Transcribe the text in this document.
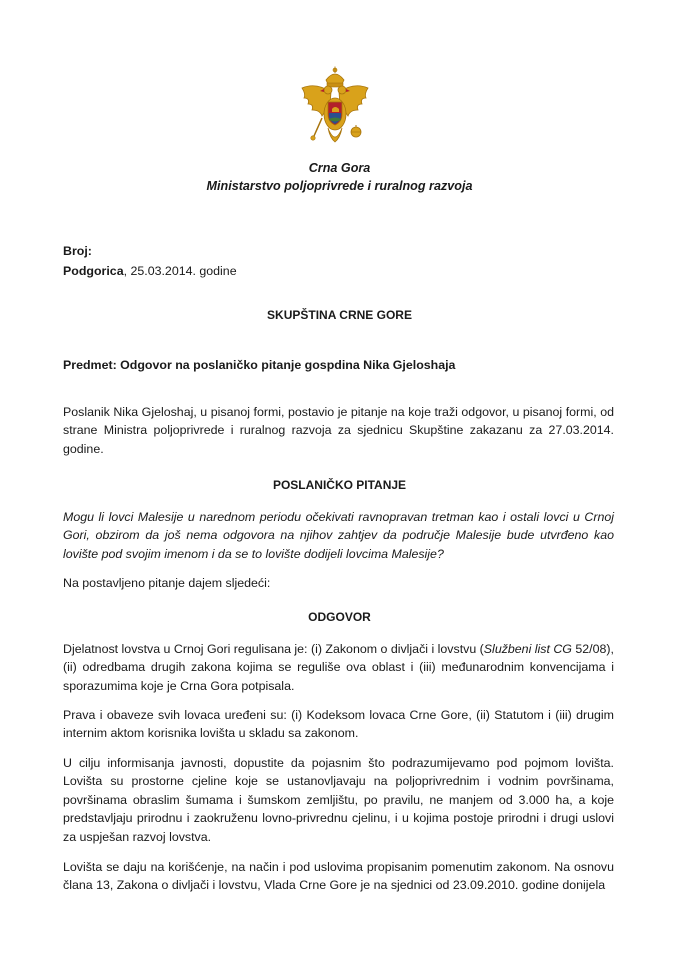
Crna Gora
Ministarstvo poljoprivrede i ruralnog razvoja
Broj:
Podgorica, 25.03.2014. godine
SKUPŠTINA CRNE GORE
Predmet: Odgovor na poslaničko pitanje gospdina Nika Gjeloshaja

Poslanik Nika Gjeloshaj, u pisanoj formi, postavio je pitanje na koje traži odgovor, u pisanoj formi, od strane Ministra poljoprivrede i ruralnog razvoja za sjednicu Skupštine zakazanu za 27.03.2014. godine.

POSLANIČKO PITANJE

Mogu li lovci Malesije u narednom periodu očekivati ravnopravan tretman kao i ostali lovci u Crnoj Gori, obzirom da još nema odgovora na njihov zahtjev da područje Malesije bude utvrđeno kao lovište pod svojim imenom i da se to lovište dodijeli lovcima Malesije?

Na postavljeno pitanje dajem sljedeći:

ODGOVOR

Djelatnost lovstva u Crnoj Gori regulisana je: (i) Zakonom o divljači i lovstvu (Službeni list CG 52/08), (ii) odredbama drugih zakona kojima se reguliše ova oblast i (iii) međunarodnim konvencijama i sporazumima koje je Crna Gora potpisala.

Prava i obaveze svih lovaca uređeni su: (i) Kodeksom lovaca Crne Gore, (ii) Statutom i (iii) drugim internim aktom korisnika lovišta u skladu sa zakonom.

U cilju informisanja javnosti, dopustite da pojasnim što podrazumijevamo pod pojmom lovišta. Lovišta su prostorne cjeline koje se ustanovljavaju na poljoprivrednim i vodnim površinama, površinama obraslim šumama i šumskom zemljištu, po pravilu, ne manjem od 3.000 ha, a koje predstavljaju prirodnu i zaokruženu lovno-privrednu cjelinu, i u kojima postoje prirodni i drugi uslovi za uspješan razvoj lovstva.

Lovišta se daju na korišćenje, na način i pod uslovima propisanim pomenutim zakonom. Na osnovu člana 13, Zakona o divljači i lovstvu, Vlada Crne Gore je na sjednici od 23.09.2010. godine donijela
